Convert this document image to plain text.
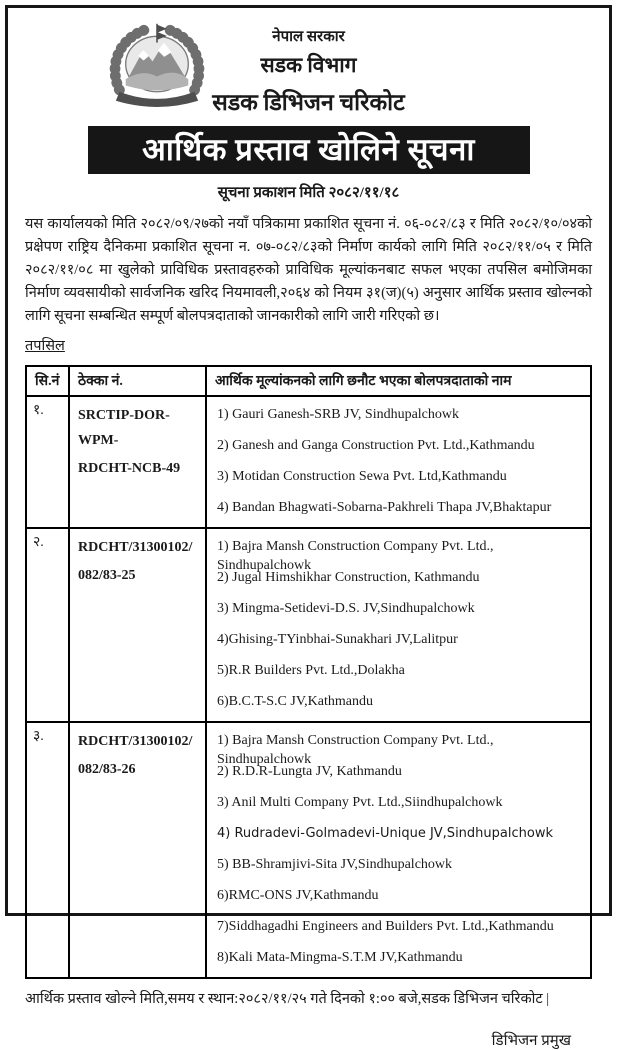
नेपाल सरकार
सडक विभाग
सडक डिभिजन चरिकोट
आर्थिक प्रस्ताव खोलिने सूचना
सूचना प्रकाशन मिति २०८२/११/१८

यस कार्यालयको मिति २०८२/०९/२७को नयाँ पत्रिकामा प्रकाशित सूचना नं. ०६-०८२/८३ र मिति २०८२/१०/०४को प्रक्षेपण राष्ट्रिय दैनिकमा प्रकाशित सूचना न. ०७-०८२/८३को निर्माण कार्यको लागि मिति २०८२/११/०५ र मिति २०८२/११/०८ मा खुलेको प्राविधिक प्रस्तावहरुको प्राविधिक मूल्यांकनबाट सफल भएका तपसिल बमोजिमका निर्माण व्यवसायीको सार्वजनिक खरिद नियमावली,२०६४ को नियम ३१(ज)(५) अनुसार आर्थिक प्रस्ताव खोल्नको लागि सूचना सम्बन्धित सम्पूर्ण बोलपत्रदाताको जानकारीको लागि जारी गरिएको छ।

तपसिल
सि.नं	ठेक्का नं.	आर्थिक मूल्यांकनको लागि छनौट भएका बोलपत्रदाताको नाम
१.	SRCTIP-DOR-WPM-
RDCHT-NCB-49

1) Gauri Ganesh-SRB JV, Sindhupalchowk
2) Ganesh and Ganga Construction Pvt. Ltd.,Kathmandu
3) Motidan Construction Sewa Pvt. Ltd,Kathmandu
4) Bandan Bhagwati-Sobarna-Pakhreli Thapa JV,Bhaktapur

२.	RDCHT/31300102/
082/83-25

1) Bajra Mansh Construction Company Pvt. Ltd., Sindhupalchowk
2) Jugal Himshikhar Construction, Kathmandu
3) Mingma-Setidevi-D.S. JV,Sindhupalchowk
4)Ghising-TYinbhai-Sunakhari JV,Lalitpur
5)R.R Builders Pvt. Ltd.,Dolakha
6)B.C.T-S.C JV,Kathmandu

३.	RDCHT/31300102/
082/83-26

1) Bajra Mansh Construction Company Pvt. Ltd., Sindhupalchowk
2) R.D.R-Lungta JV, Kathmandu
3) Anil Multi Company Pvt. Ltd.,Siindhupalchowk
4) Rudradevi-Golmadevi-Unique JV,Sindhupalchowk
5) BB-Shramjivi-Sita JV,Sindhupalchowk
6)RMC-ONS JV,Kathmandu
7)Siddhagadhi Engineers and Builders Pvt. Ltd.,Kathmandu
8)Kali Mata-Mingma-S.T.M JV,Kathmandu

आर्थिक प्रस्ताव खोल्ने मिति,समय र स्थान:२०८२/११/२५ गते दिनको १:०० बजे,सडक डिभिजन चरिकोट |

डिभिजन प्रमुख
